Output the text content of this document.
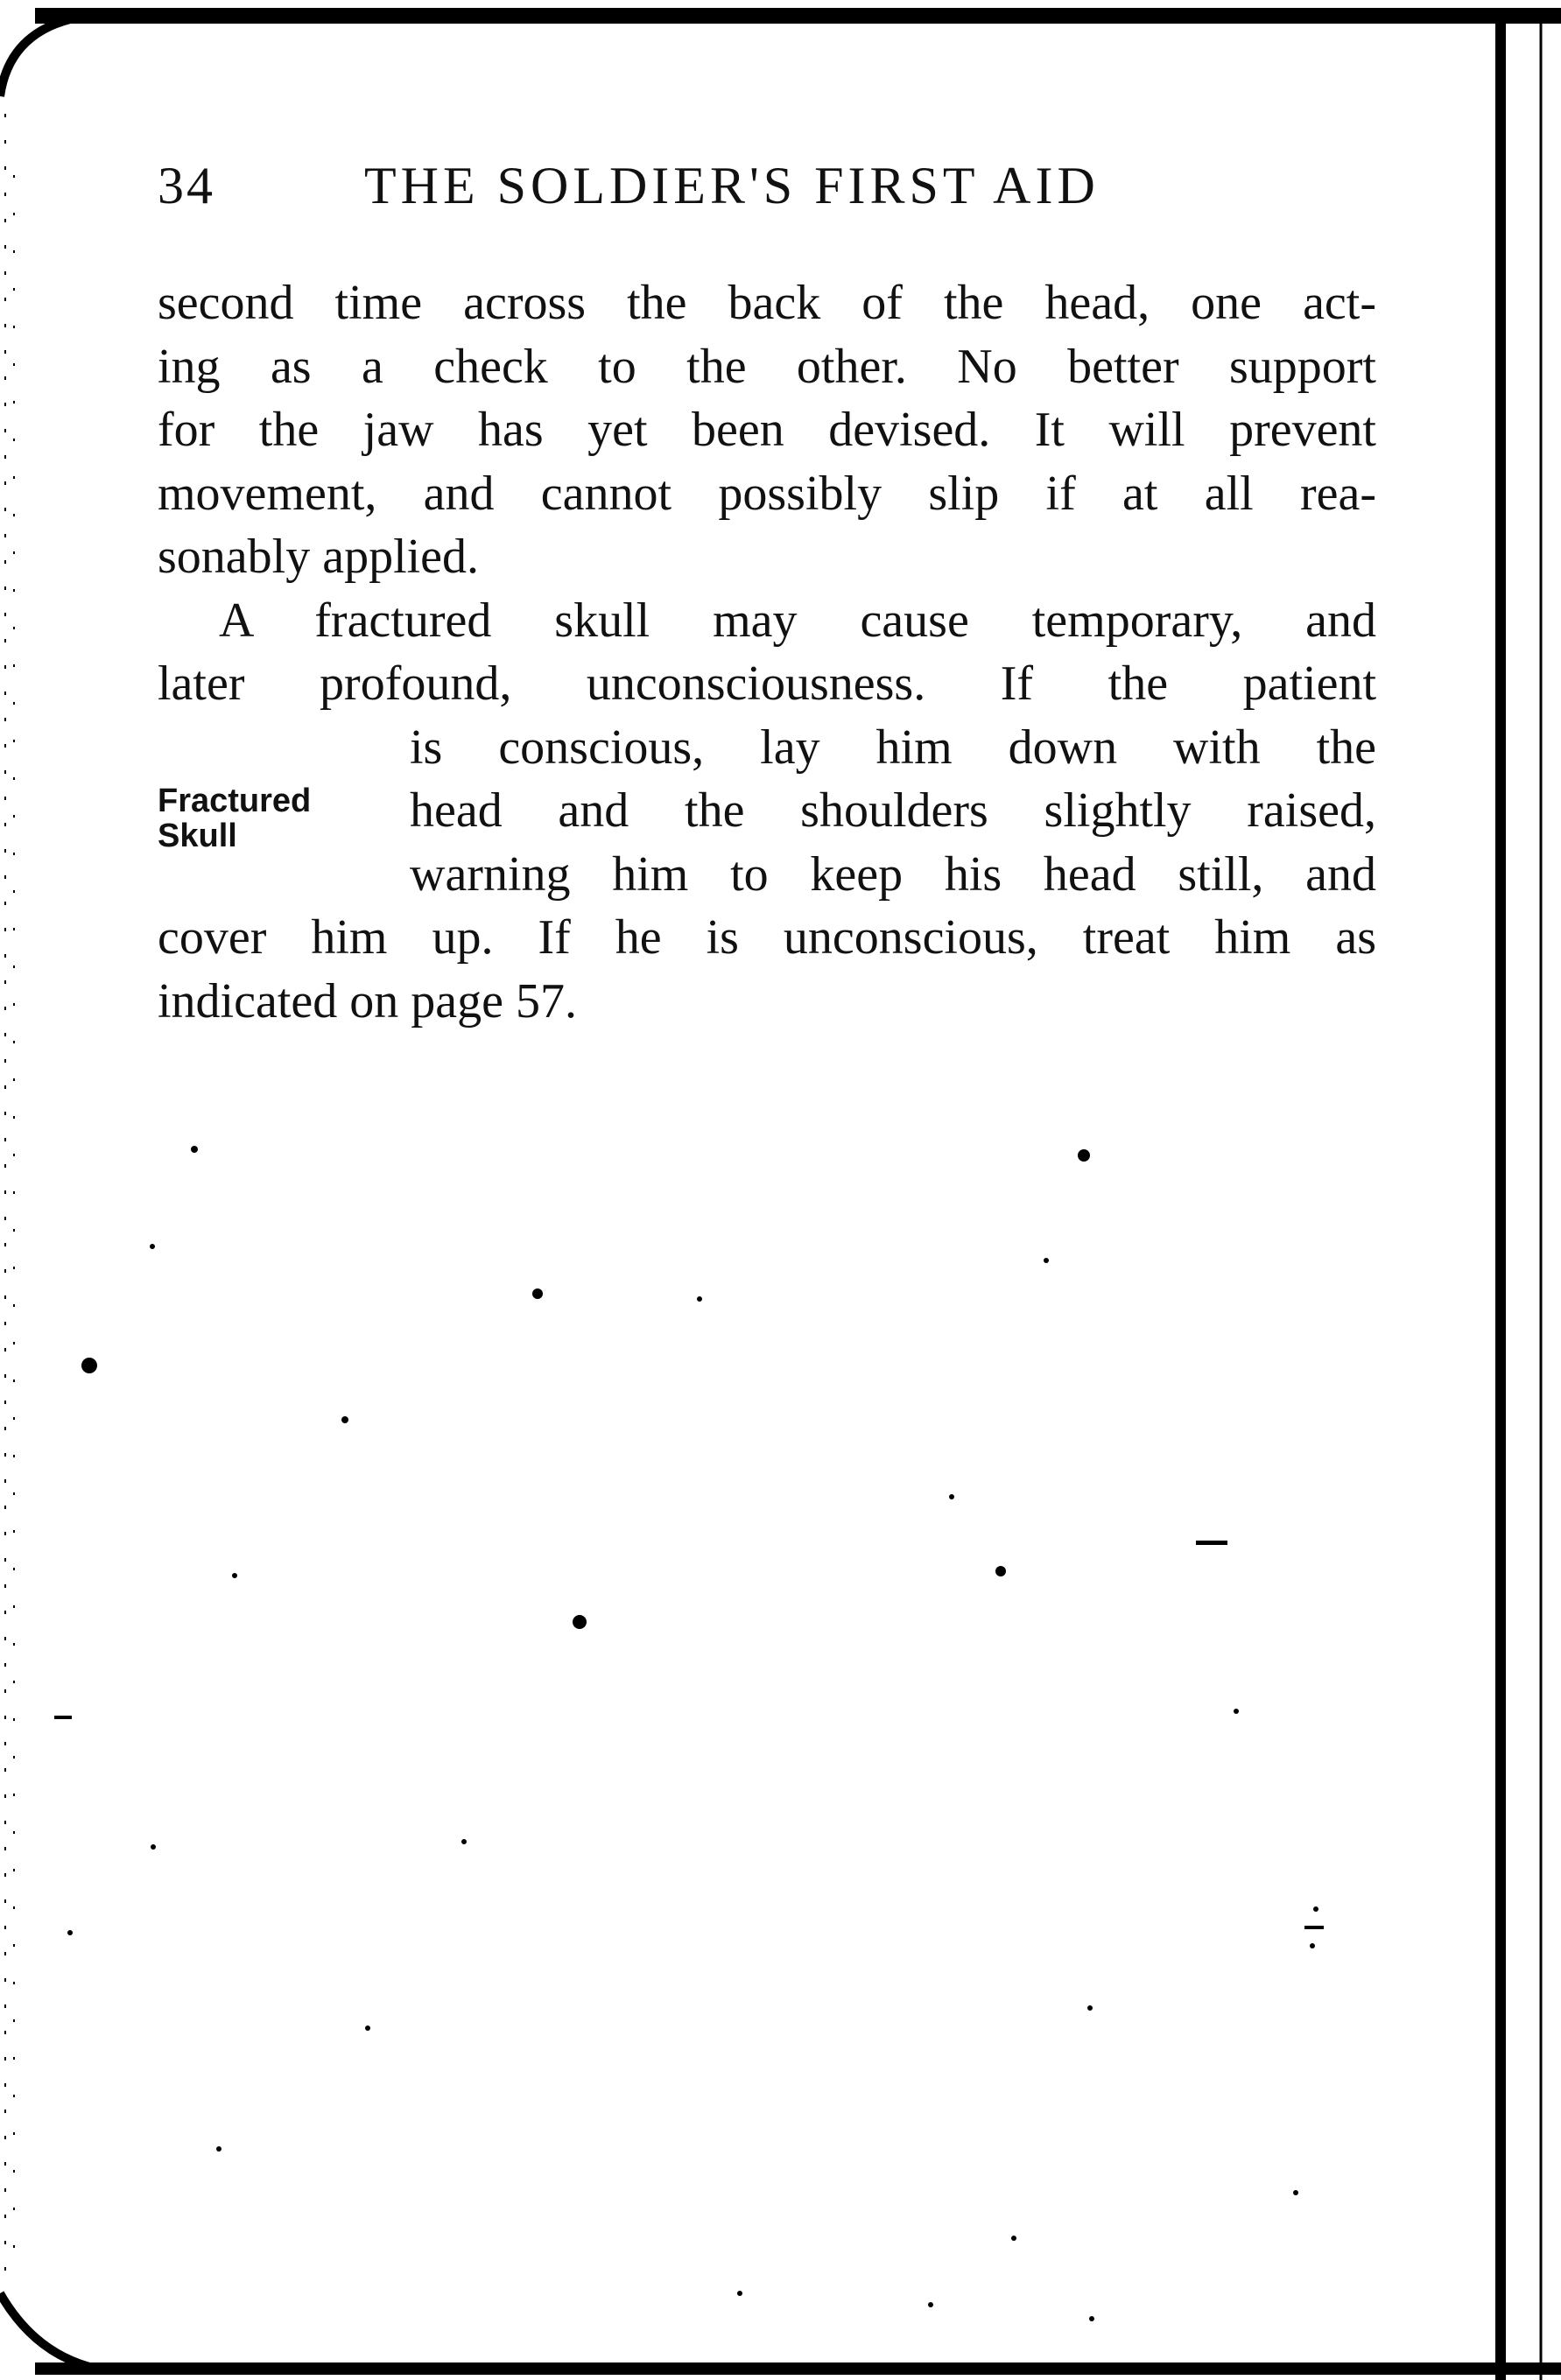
34	THE SOLDIER'S FIRST AID
Fractured
Skull
second time across the back of the head, one act-
ing as a check to the other. No better support
for the jaw has yet been devised. It will prevent
movement, and cannot possibly slip if at all rea-
sonably applied.
A fractured skull may cause temporary, and
later profound, unconsciousness. If the patient
is conscious, lay him down with the
head and the shoulders slightly raised,
warning him to keep his head still, and
cover him up. If he is unconscious, treat him as
indicated on page 57.
